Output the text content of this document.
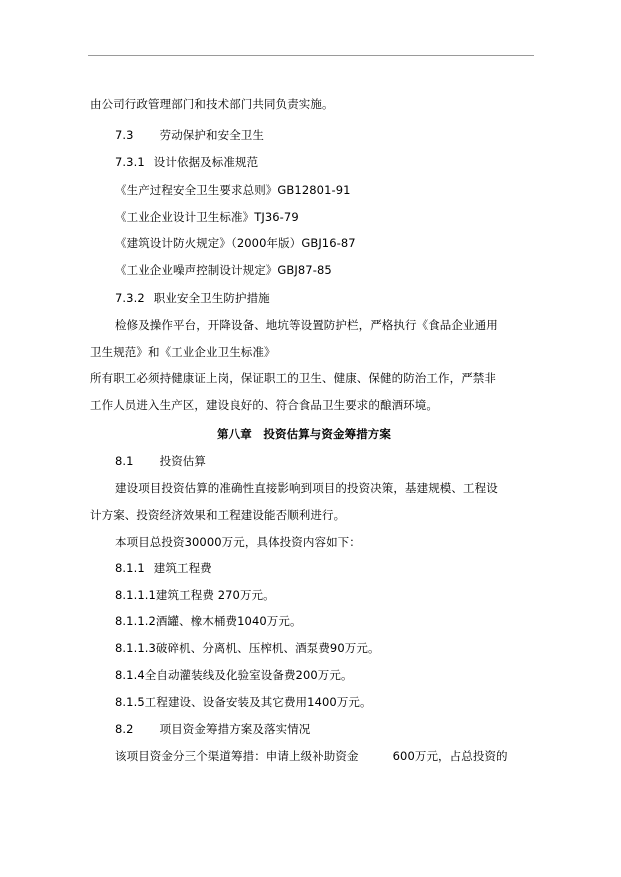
由公司行政管理部门和技术部门共同负责实施。
7.3 劳动保护和安全卫生
7.3.1 设计依据及标准规范
《生产过程安全卫生要求总则》GB12801-91
《工业企业设计卫生标准》TJ36-79
《建筑设计防火规定》（2000年版）GBJ16-87
《工业企业噪声控制设计规定》GBJ87-85
7.3.2 职业安全卫生防护措施
检修及操作平台，开降设备、地坑等设置防护栏，严格执行《食品企业通用
卫生规范》和《工业企业卫生标准》
所有职工必须持健康证上岗，保证职工的卫生、健康、保健的防治工作，严禁非
工作人员进入生产区，建设良好的、符合食品卫生要求的酿酒环境。
第八章　投资估算与资金筹措方案
8.1 投资估算
建设项目投资估算的准确性直接影响到项目的投资决策，基建规模、工程设
计方案、投资经济效果和工程建设能否顺利进行。
本项目总投资30000万元，具体投资内容如下：
8.1.1 建筑工程费
8.1.1.1建筑工程费 270万元。
8.1.1.2酒罐、橡木桶费1040万元。
8.1.1.3破碎机、分离机、压榨机、酒泵费90万元。
8.1.4全自动灌装线及化验室设备费200万元。
8.1.5工程建设、设备安装及其它费用1400万元。
8.2 项目资金筹措方案及落实情况
该项目资金分三个渠道筹措：申请上级补助资金	600万元，占总投资的
